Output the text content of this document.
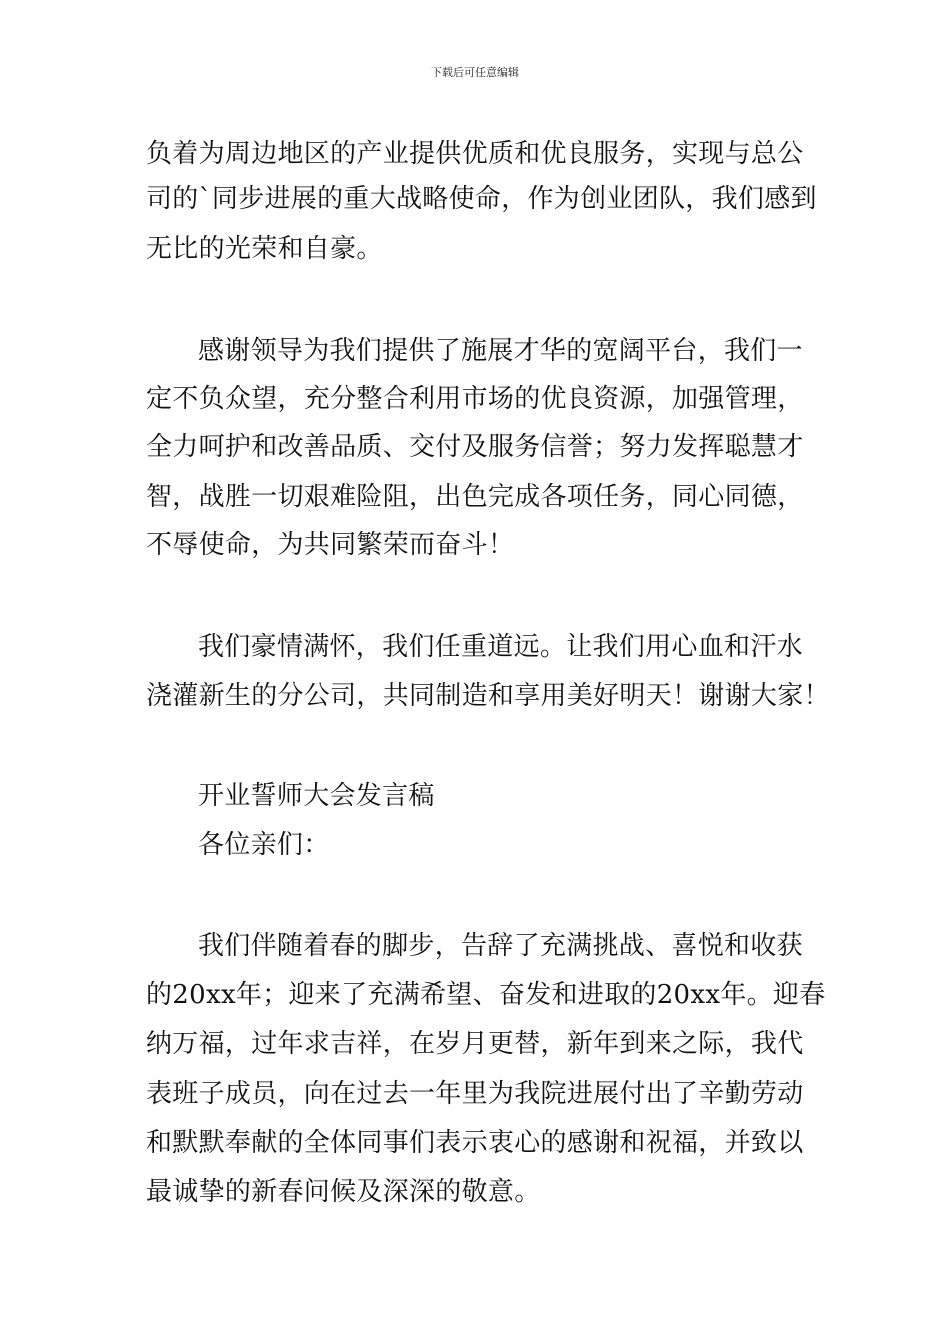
下载后可任意编辑
负着为周边地区的产业提供优质和优良服务，实现与总公
司的`同步进展的重大战略使命，作为创业团队，我们感到
无比的光荣和自豪。
感谢领导为我们提供了施展才华的宽阔平台，我们一
定不负众望，充分整合利用市场的优良资源，加强管理，
全力呵护和改善品质、交付及服务信誉；努力发挥聪慧才
智，战胜一切艰难险阻，出色完成各项任务，同心同德，
不辱使命，为共同繁荣而奋斗！
我们豪情满怀，我们任重道远。让我们用心血和汗水
浇灌新生的分公司，共同制造和享用美好明天！谢谢大家！
开业誓师大会发言稿
各位亲们：
我们伴随着春的脚步，告辞了充满挑战、喜悦和收获
的20xx年；迎来了充满希望、奋发和进取的20xx年。迎春
纳万福，过年求吉祥，在岁月更替，新年到来之际，我代
表班子成员，向在过去一年里为我院进展付出了辛勤劳动
和默默奉献的全体同事们表示衷心的感谢和祝福，并致以
最诚挚的新春问候及深深的敬意。
